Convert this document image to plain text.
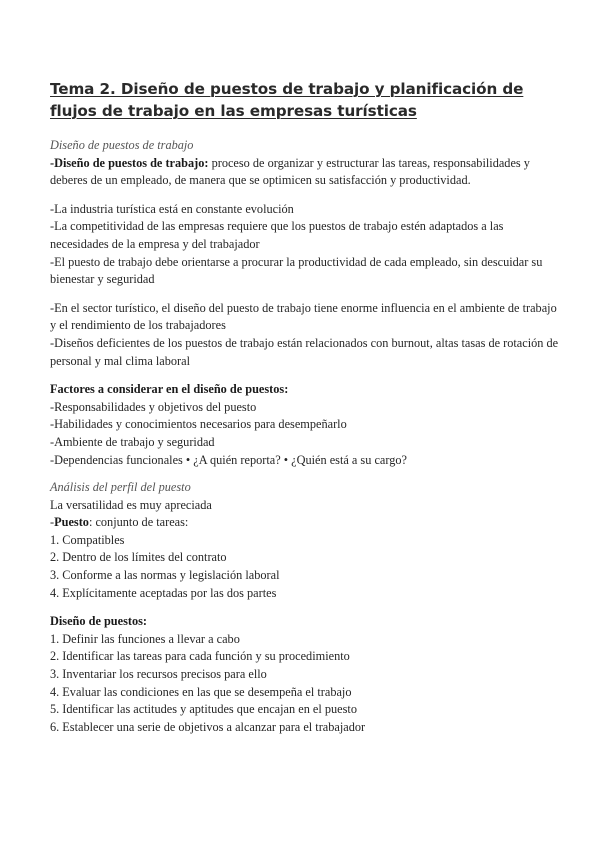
Tema 2. Diseño de puestos de trabajo y planificación de flujos de trabajo en las empresas turísticas

Diseño de puestos de trabajo

-Diseño de puestos de trabajo: proceso de organizar y estructurar las tareas, responsabilidades y deberes de un empleado, de manera que se optimicen su satisfacción y productividad.

-La industria turística está en constante evolución

-La competitividad de las empresas requiere que los puestos de trabajo estén adaptados a las necesidades de la empresa y del trabajador

-El puesto de trabajo debe orientarse a procurar la productividad de cada empleado, sin descuidar su bienestar y seguridad

-En el sector turístico, el diseño del puesto de trabajo tiene enorme influencia en el ambiente de trabajo y el rendimiento de los trabajadores

-Diseños deficientes de los puestos de trabajo están relacionados con burnout, altas tasas de rotación de personal y mal clima laboral

Factores a considerar en el diseño de puestos:

-Responsabilidades y objetivos del puesto

-Habilidades y conocimientos necesarios para desempeñarlo

-Ambiente de trabajo y seguridad

-Dependencias funcionales • ¿A quién reporta? • ¿Quién está a su cargo?

Análisis del perfil del puesto

La versatilidad es muy apreciada

-Puesto: conjunto de tareas:

1. Compatibles

2. Dentro de los límites del contrato

3. Conforme a las normas y legislación laboral

4. Explícitamente aceptadas por las dos partes

Diseño de puestos:

1. Definir las funciones a llevar a cabo

2. Identificar las tareas para cada función y su procedimiento

3. Inventariar los recursos precisos para ello

4. Evaluar las condiciones en las que se desempeña el trabajo

5. Identificar las actitudes y aptitudes que encajan en el puesto

6. Establecer una serie de objetivos a alcanzar para el trabajador
